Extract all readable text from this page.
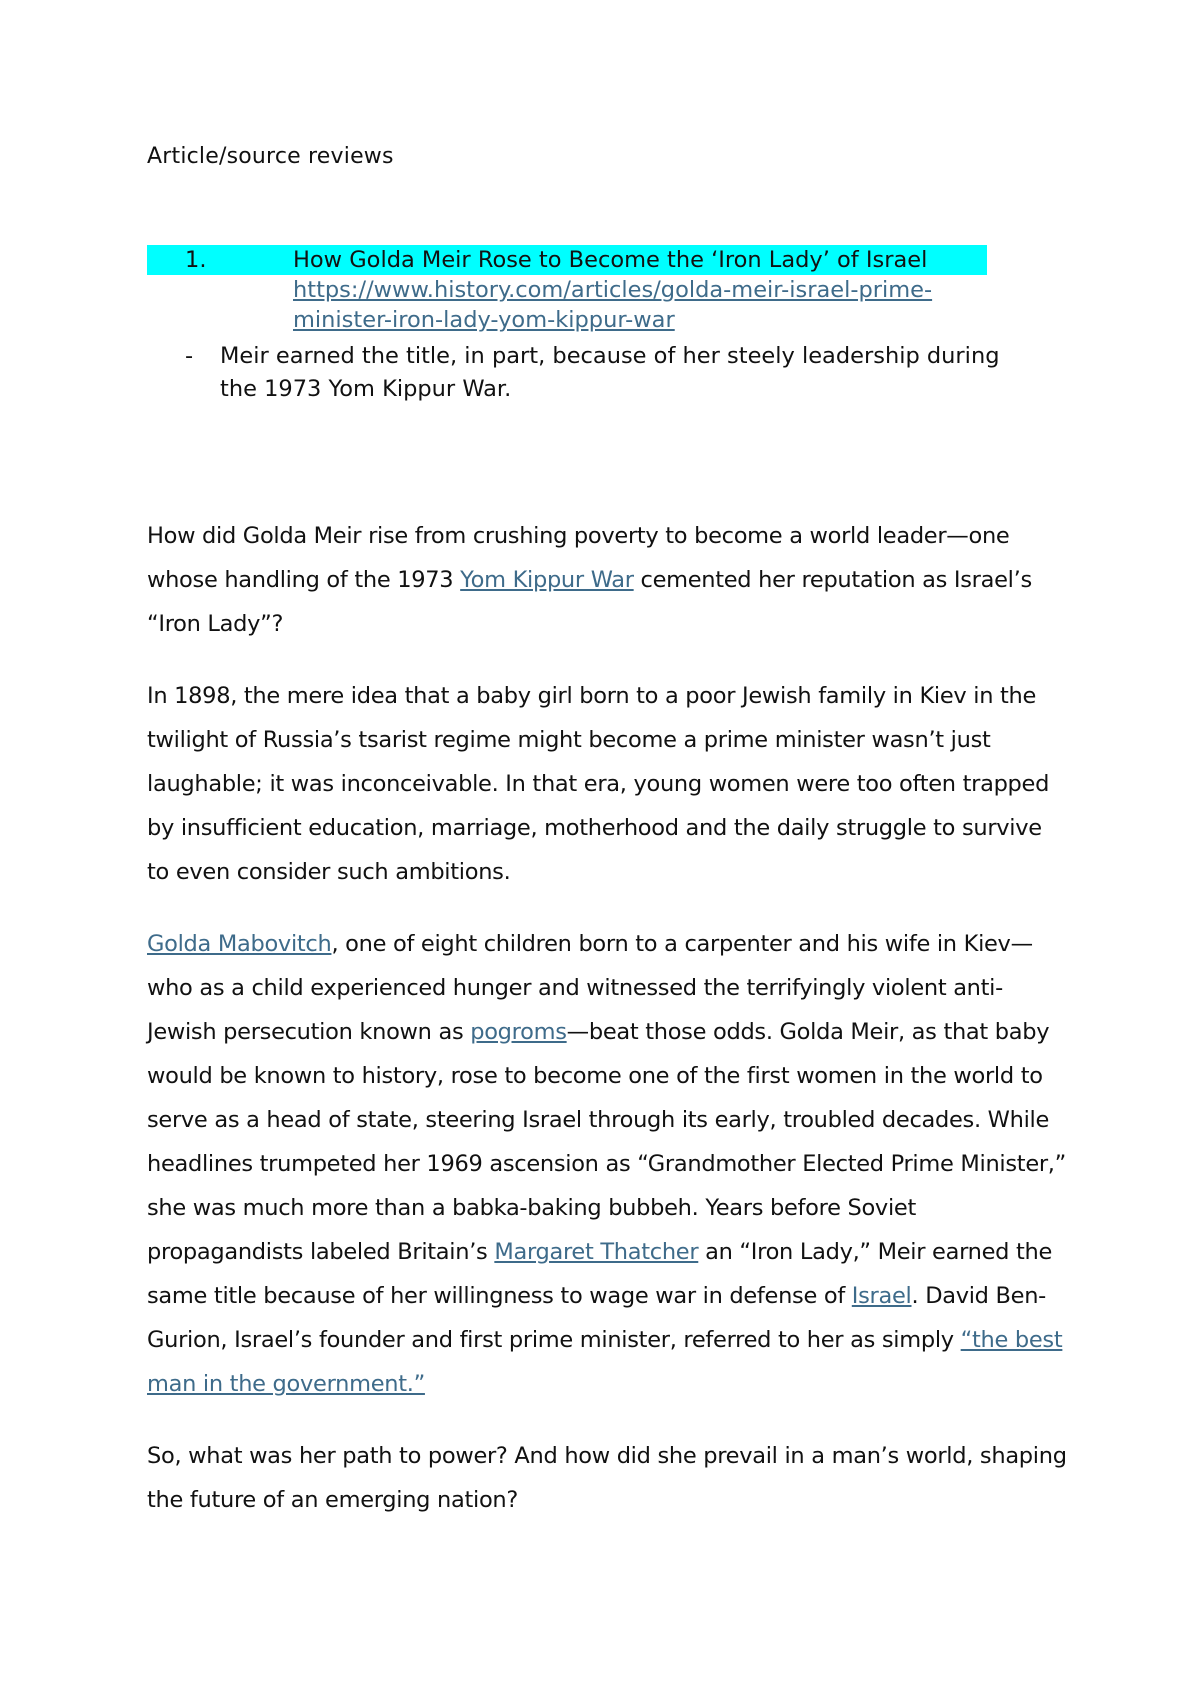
Article/source reviews
1.	How Golda Meir Rose to Become the ‘Iron Lady’ of Israel
https://www.history.com/articles/golda-meir-israel-prime-
minister-iron-lady-yom-kippur-war
-	Meir earned the title, in part, because of her steely leadership during the 1973 Yom Kippur War.

How did Golda Meir rise from crushing poverty to become a world leader—one whose handling of the 1973 Yom Kippur War cemented her reputation as Israel’s “Iron Lady”?

In 1898, the mere idea that a baby girl born to a poor Jewish family in Kiev in the twilight of Russia’s tsarist regime might become a prime minister wasn’t just laughable; it was inconceivable. In that era, young women were too often trapped by insufficient education, marriage, motherhood and the daily struggle to survive to even consider such ambitions.

Golda Mabovitch, one of eight children born to a carpenter and his wife in Kiev—who as a child experienced hunger and witnessed the terrifyingly violent anti-Jewish persecution known as pogroms—beat those odds. Golda Meir, as that baby would be known to history, rose to become one of the first women in the world to serve as a head of state, steering Israel through its early, troubled decades. While headlines trumpeted her 1969 ascension as “Grandmother Elected Prime Minister,” she was much more than a babka-baking bubbeh. Years before Soviet propagandists labeled Britain’s Margaret Thatcher an “Iron Lady,” Meir earned the same title because of her willingness to wage war in defense of Israel. David Ben-Gurion, Israel’s founder and first prime minister, referred to her as simply “the best man in the government.”

So, what was her path to power? And how did she prevail in a man’s world, shaping the future of an emerging nation?
